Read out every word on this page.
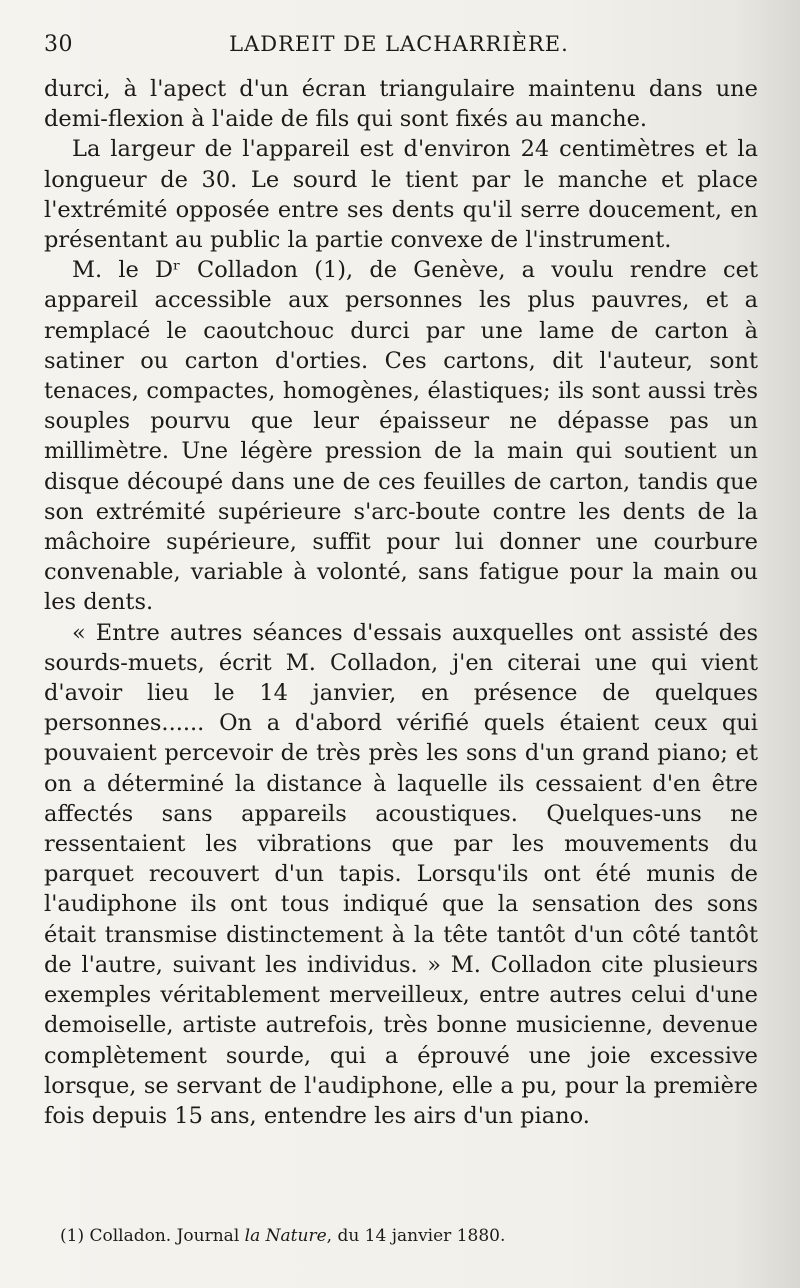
30	LADREIT DE LACHARRIÈRE.

durci, à l'apect d'un écran triangulaire maintenu dans une demi-flexion à l'aide de fils qui sont fixés au manche.

La largeur de l'appareil est d'environ 24 centimètres et la longueur de 30. Le sourd le tient par le manche et place l'extrémité opposée entre ses dents qu'il serre doucement, en présentant au public la partie convexe de l'instrument.

M. le Dʳ Colladon (1), de Genève, a voulu rendre cet appareil accessible aux personnes les plus pauvres, et a remplacé le caoutchouc durci par une lame de carton à satiner ou carton d'orties. Ces cartons, dit l'auteur, sont tenaces, compactes, homogènes, élastiques; ils sont aussi très souples pourvu que leur épaisseur ne dépasse pas un millimètre. Une légère pression de la main qui soutient un disque découpé dans une de ces feuilles de carton, tandis que son extrémité supérieure s'arc-boute contre les dents de la mâchoire supérieure, suffit pour lui donner une courbure convenable, variable à volonté, sans fatigue pour la main ou les dents.

« Entre autres séances d'essais auxquelles ont assisté des sourds-muets, écrit M. Colladon, j'en citerai une qui vient d'avoir lieu le 14 janvier, en présence de quelques personnes...... On a d'abord vérifié quels étaient ceux qui pouvaient percevoir de très près les sons d'un grand piano; et on a déterminé la distance à laquelle ils cessaient d'en être affectés sans appareils acoustiques. Quelques-uns ne ressentaient les vibrations que par les mouvements du parquet recouvert d'un tapis. Lorsqu'ils ont été munis de l'audiphone ils ont tous indiqué que la sensation des sons était transmise distinctement à la tête tantôt d'un côté tantôt de l'autre, suivant les individus. » M. Colladon cite plusieurs exemples véritablement merveilleux, entre autres celui d'une demoiselle, artiste autrefois, très bonne musicienne, devenue complètement sourde, qui a éprouvé une joie excessive lorsque, se servant de l'audiphone, elle a pu, pour la première fois depuis 15 ans, entendre les airs d'un piano.

(1) Colladon. Journal la Nature, du 14 janvier 1880.
